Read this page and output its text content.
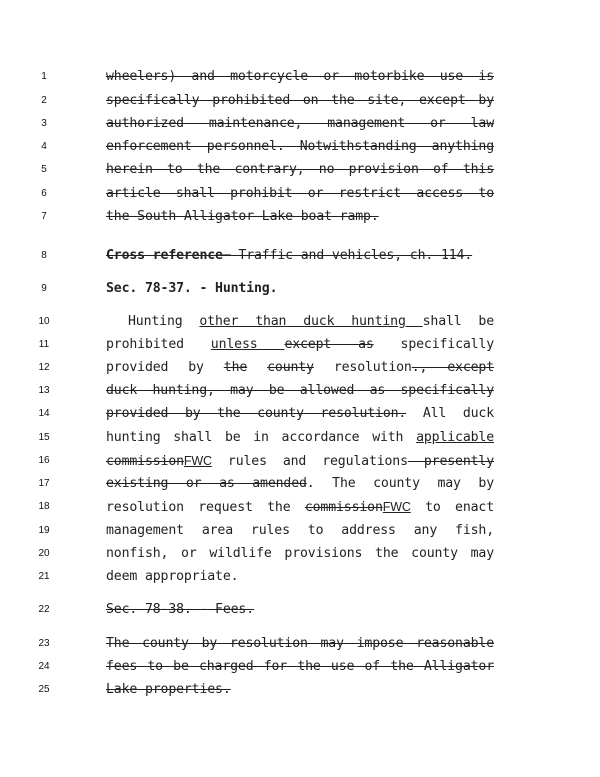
1
2
3
4
5
6
7
8
9
10
11
12
13
14
15
16
17
18
19
20
21
22
23
24
25
wheelers) and motorcycle or motorbike use is
specifically prohibited on the site, except by
authorized maintenance, management or law
enforcement personnel. Notwithstanding anything
herein to the contrary, no provision of this
article shall prohibit or restrict access to
the South Alligator Lake boat ramp.
Cross reference— Traffic and vehicles, ch. 114.
Sec. 78-37. - Hunting.
Hunting other than duck hunting shall be
prohibited unless except as specifically
provided by the county resolution., except
duck hunting, may be allowed as specifically
provided by the county resolution. All duck
hunting shall be in accordance with applicable
commissionFWC rules and regulations presently
existing or as amended. The county may by
resolution request the commissionFWC to enact
management area rules to address any fish,
nonfish, or wildlife provisions the county may
deem appropriate.
Sec. 78-38. - Fees.
The county by resolution may impose reasonable
fees to be charged for the use of the Alligator
Lake properties.
